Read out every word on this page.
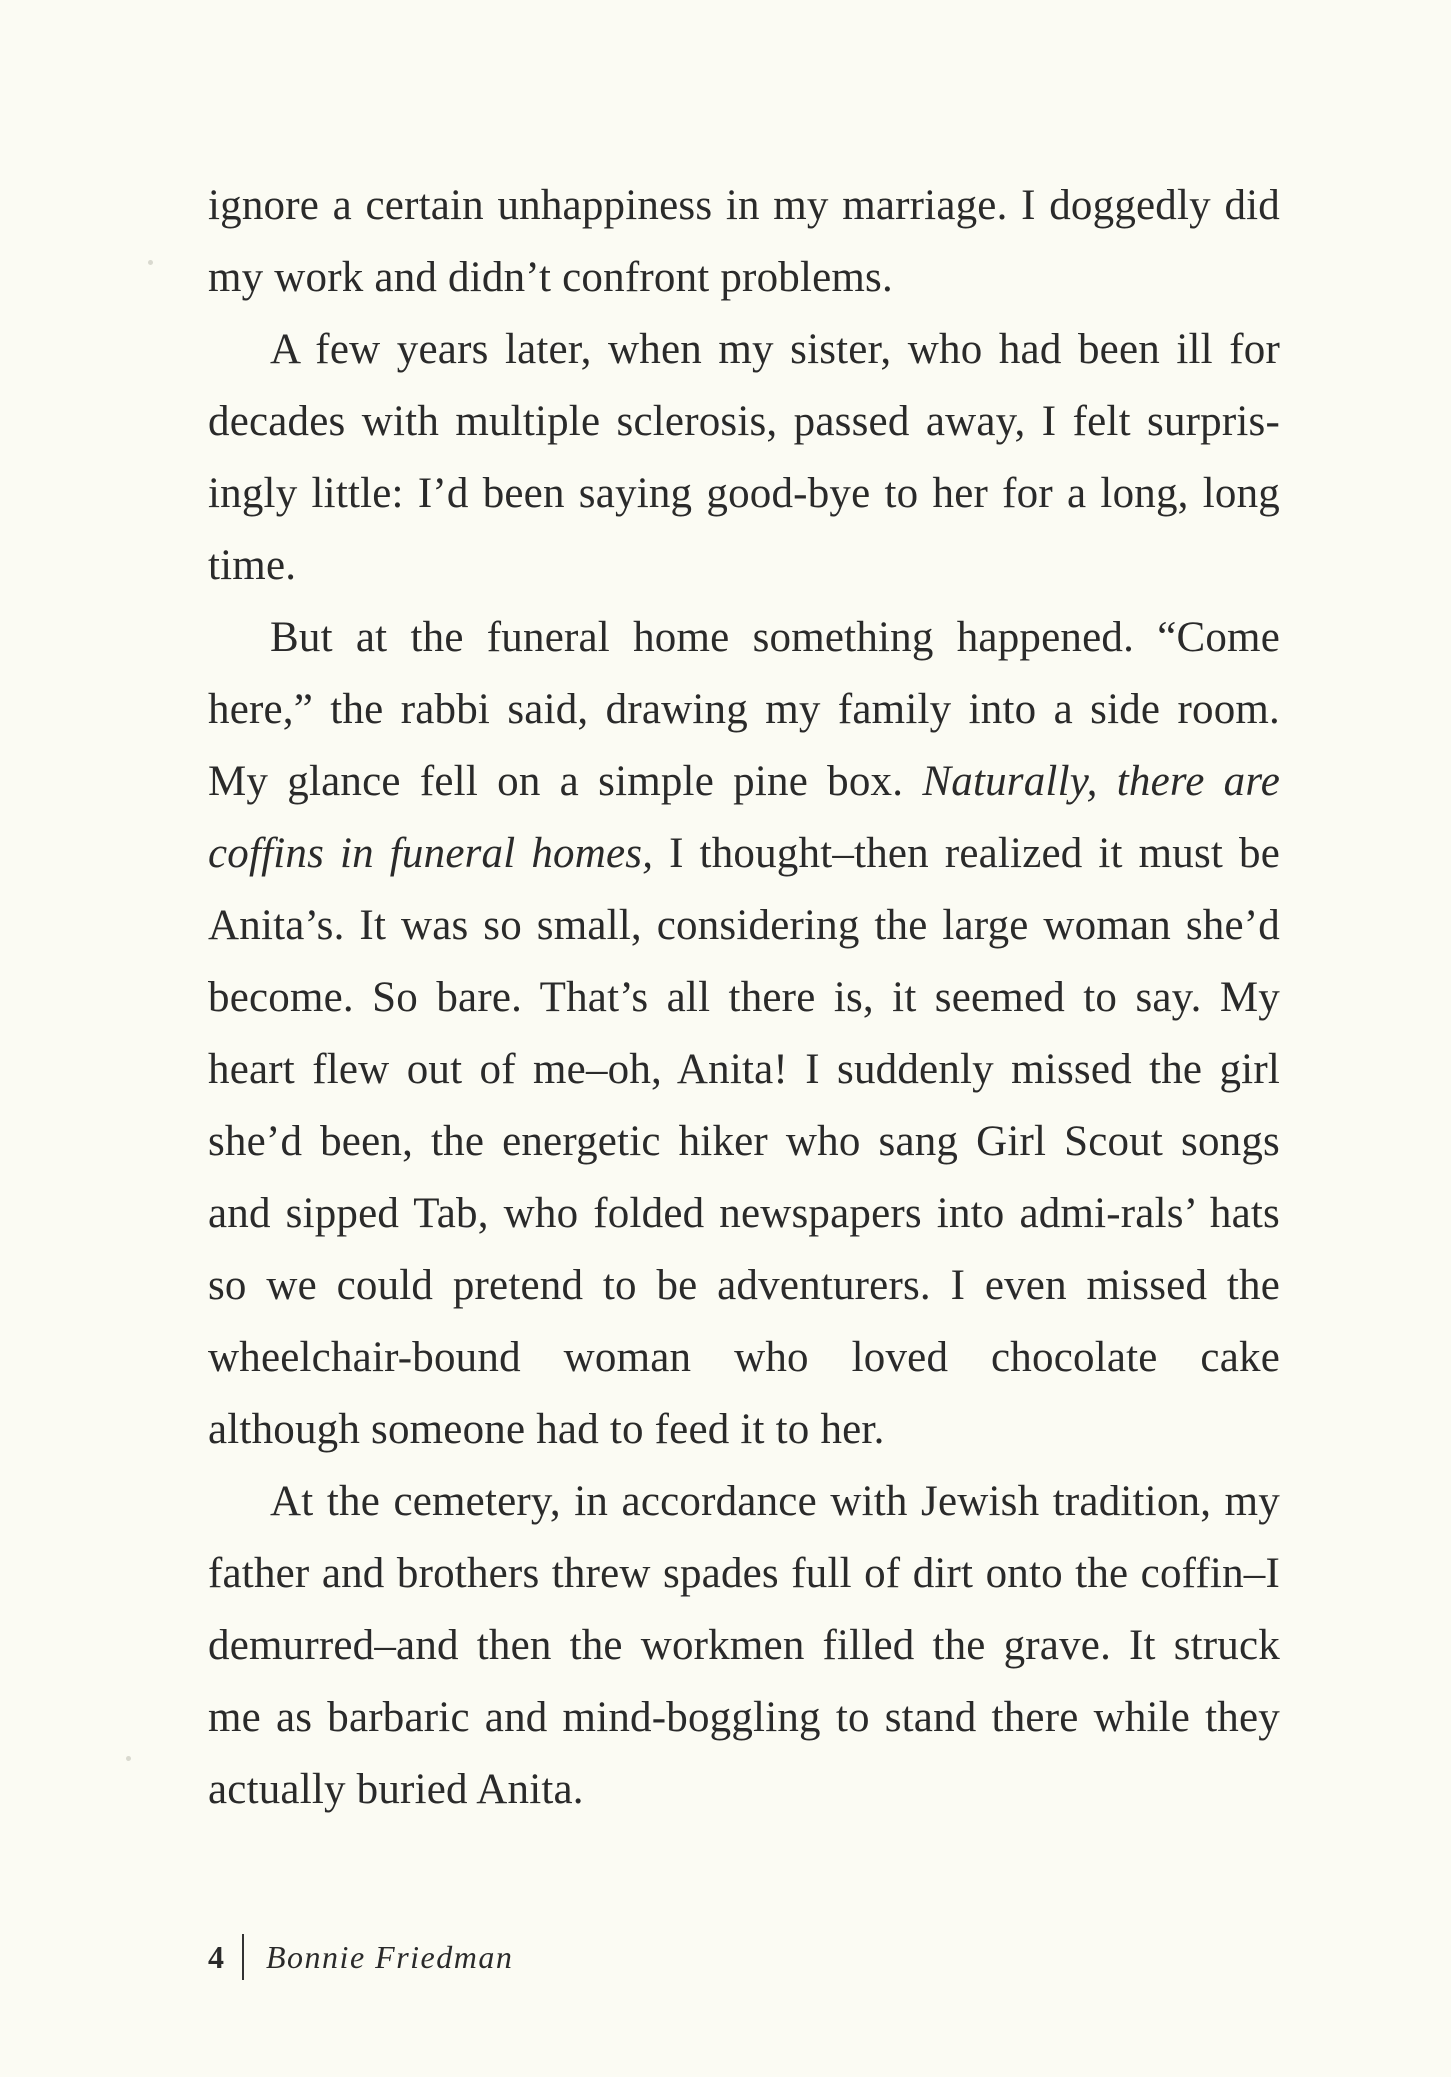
ignore a certain unhappiness in my marriage. I doggedly did my work and didn’t confront problems.

A few years later, when my sister, who had been ill for decades with multiple sclerosis, passed away, I felt surpris-ingly little: I’d been saying good-bye to her for a long, long time.

But at the funeral home something happened. “Come here,” the rabbi said, drawing my family into a side room. My glance fell on a simple pine box. Naturally, there are coffins in funeral homes, I thought–then realized it must be Anita’s. It was so small, considering the large woman she’d become. So bare. That’s all there is, it seemed to say. My heart flew out of me–oh, Anita! I suddenly missed the girl she’d been, the energetic hiker who sang Girl Scout songs and sipped Tab, who folded newspapers into admi-rals’ hats so we could pretend to be adventurers. I even missed the wheelchair-bound woman who loved chocolate cake although someone had to feed it to her.

At the cemetery, in accordance with Jewish tradition, my father and brothers threw spades full of dirt onto the coffin–I demurred–and then the workmen filled the grave. It struck me as barbaric and mind-boggling to stand there while they actually buried Anita.

4 Bonnie Friedman
